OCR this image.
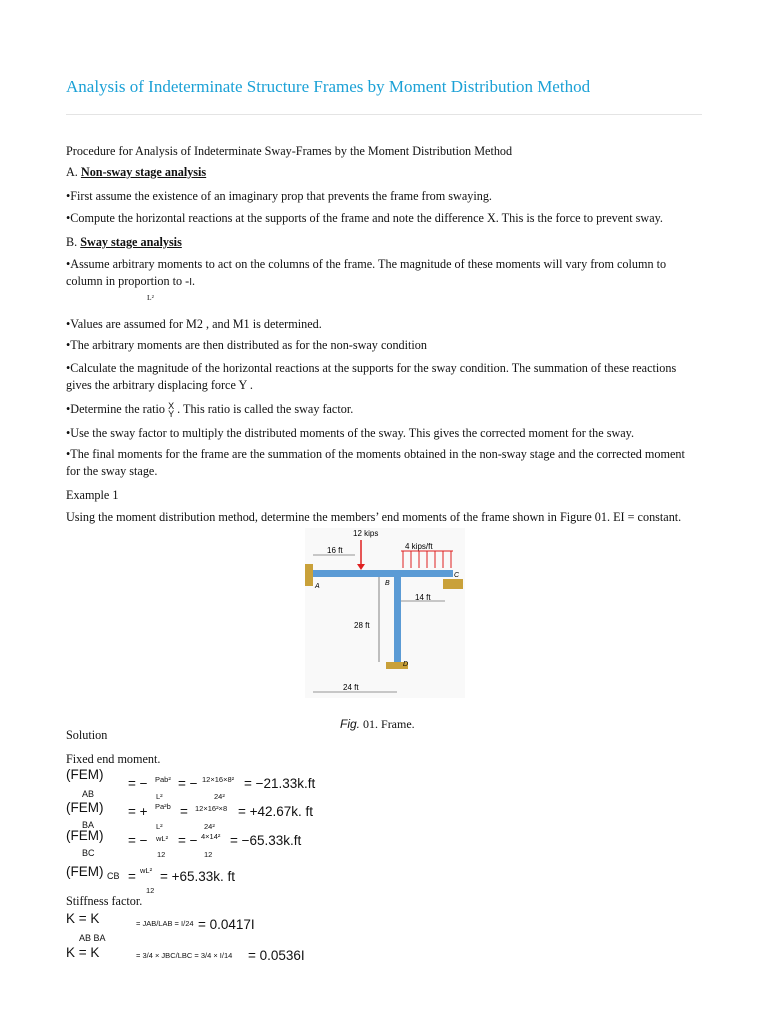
Analysis of Indeterminate Structure Frames by Moment Distribution Method
Procedure for Analysis of Indeterminate Sway-Frames by the Moment Distribution Method
A. Non-sway stage analysis
•First assume the existence of an imaginary prop that prevents the frame from swaying.
•Compute the horizontal reactions at the supports of the frame and note the difference X. This is the force to prevent sway.
B. Sway stage analysis
•Assume arbitrary moments to act on the columns of the frame. The magnitude of these moments will vary from column to column in proportion to -I.
L²
•Values are assumed for M2 , and M1 is determined.
•The arbitrary moments are then distributed as for the non-sway condition
•Calculate the magnitude of the horizontal reactions at the supports for the sway condition. The summation of these reactions gives the arbitrary displacing force Y .
•Determine the ratio X
Y . This ratio is called the sway factor.
•Use the sway factor to multiply the distributed moments of the sway. This gives the corrected moment for the sway.
•The final moments for the frame are the summation of the moments obtained in the non-sway stage and the corrected moment for the sway stage.
Example 1
Using the moment distribution method, determine the members’ end moments of the frame shown in Figure 01. EI = constant.
16 ft
12 kips
4 kips/ft
14 ft
28 ft
24 ft
A	B
C
D
Fig. 01. Frame.
Solution
Fixed end moment.
(FEM)
AB
= − Pab²
L²
= − 12×16×8²
24²
= −21.33k.ft
(FEM)
BA
= + Pa²b
L²
= 12×16²×8
24²
= +42.67k. ft
(FEM)
BC
= − wL²
12
= − 4×14²
12
= −65.33k.ft
(FEM) CB = wL²
12
= +65.33k. ft
Stiffness factor.
K = K
AB BA
= JAB/LAB = I/24 = 0.0417I
K = K	= 3/4 × JBC/LBC = 3/4 × I/14 = 0.0536I
